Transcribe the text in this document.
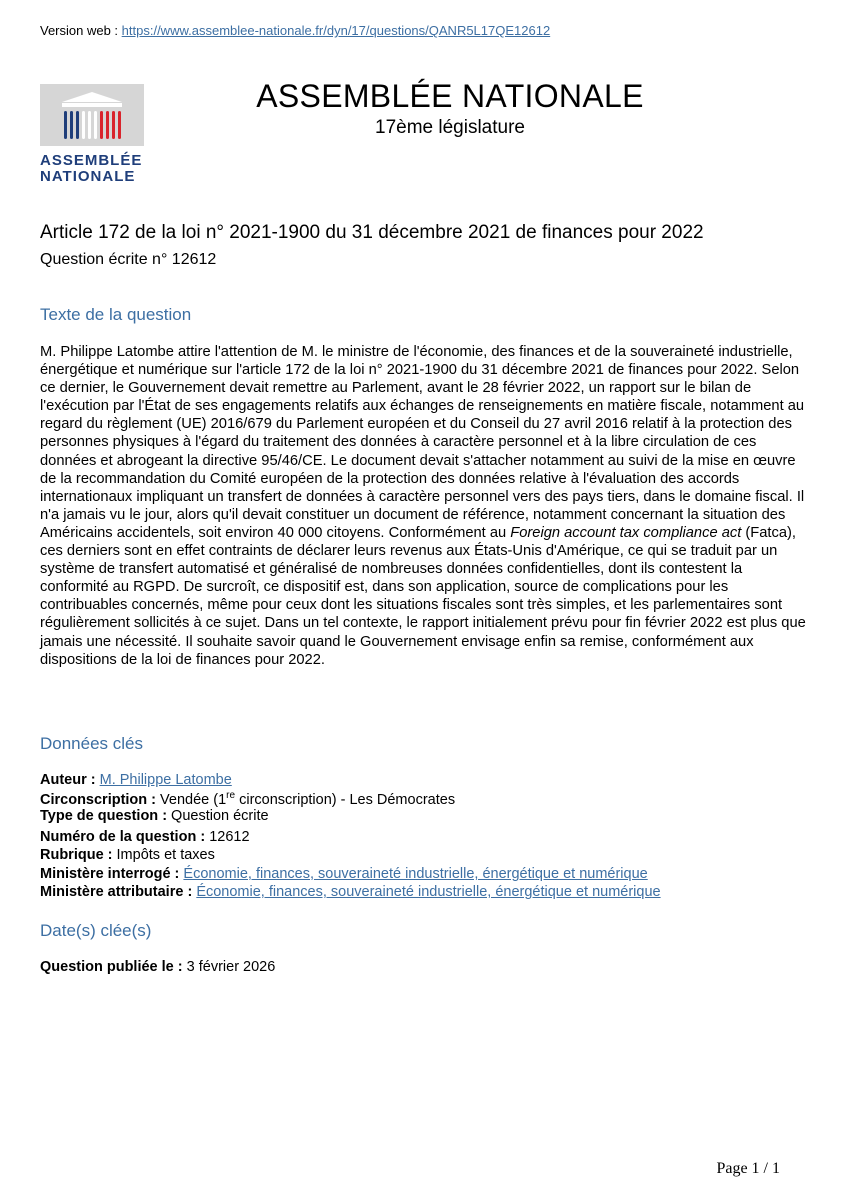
Version web : https://www.assemblee-nationale.fr/dyn/17/questions/QANR5L17QE12612
ASSEMBLÉE
NATIONALE
ASSEMBLÉE NATIONALE
17ème législature
Article 172 de la loi n° 2021-1900 du 31 décembre 2021 de finances pour 2022
Question écrite n° 12612
Texte de la question
M. Philippe Latombe attire l'attention de M. le ministre de l'économie, des finances et de la souveraineté industrielle, énergétique et numérique sur l'article 172 de la loi n° 2021-1900 du 31 décembre 2021 de finances pour 2022. Selon ce dernier, le Gouvernement devait remettre au Parlement, avant le 28 février 2022, un rapport sur le bilan de l'exécution par l'État de ses engagements relatifs aux échanges de renseignements en matière fiscale, notamment au regard du règlement (UE) 2016/679 du Parlement européen et du Conseil du 27 avril 2016 relatif à la protection des personnes physiques à l'égard du traitement des données à caractère personnel et à la libre circulation de ces données et abrogeant la directive 95/46/CE. Le document devait s'attacher notamment au suivi de la mise en œuvre de la recommandation du Comité européen de la protection des données relative à l'évaluation des accords internationaux impliquant un transfert de données à caractère personnel vers des pays tiers, dans le domaine fiscal. Il n'a jamais vu le jour, alors qu'il devait constituer un document de référence, notamment concernant la situation des Américains accidentels, soit environ 40 000 citoyens. Conformément au Foreign account tax compliance act (Fatca), ces derniers sont en effet contraints de déclarer leurs revenus aux États-Unis d'Amérique, ce qui se traduit par un système de transfert automatisé et généralisé de nombreuses données confidentielles, dont ils contestent la conformité au RGPD. De surcroît, ce dispositif est, dans son application, source de complications pour les contribuables concernés, même pour ceux dont les situations fiscales sont très simples, et les parlementaires sont régulièrement sollicités à ce sujet. Dans un tel contexte, le rapport initialement prévu pour fin février 2022 est plus que jamais une nécessité. Il souhaite savoir quand le Gouvernement envisage enfin sa remise, conformément aux dispositions de la loi de finances pour 2022.
Données clés
Auteur : M. Philippe Latombe
Circonscription : Vendée (1re circonscription) - Les Démocrates
Type de question : Question écrite
Numéro de la question : 12612
Rubrique : Impôts et taxes
Ministère interrogé : Économie, finances, souveraineté industrielle, énergétique et numérique
Ministère attributaire : Économie, finances, souveraineté industrielle, énergétique et numérique
Date(s) clée(s)
Question publiée le : 3 février 2026
Page 1 / 1
